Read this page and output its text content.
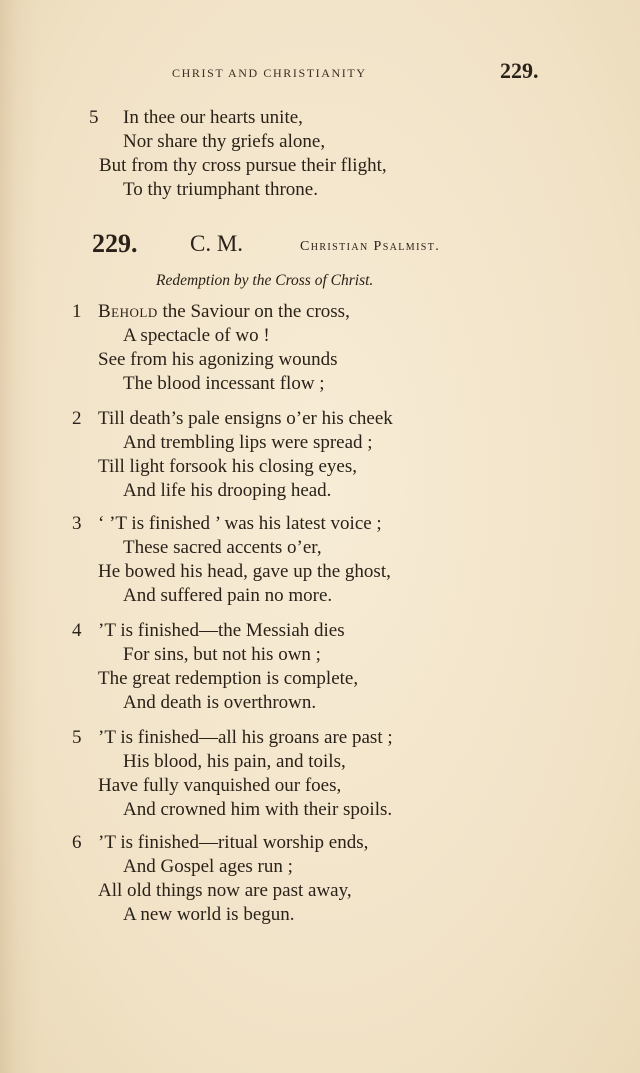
CHRIST AND CHRISTIANITY	229.
5	In thee our hearts unite,
Nor share thy griefs alone,
But from thy cross pursue their flight,
To thy triumphant throne.
229. C. M.	Christian Psalmist.
Redemption by the Cross of Christ.
1 Behold the Saviour on the cross,
A spectacle of wo !
See from his agonizing wounds
The blood incessant flow ;
2 Till death’s pale ensigns o’er his cheek
And trembling lips were spread ;
Till light forsook his closing eyes,
And life his drooping head.
3 ‘ ’T is finished ’ was his latest voice ;
These sacred accents o’er,
He bowed his head, gave up the ghost,
And suffered pain no more.
4 ’T is finished—the Messiah dies
For sins, but not his own ;
The great redemption is complete,
And death is overthrown.
5 ’T is finished—all his groans are past ;
His blood, his pain, and toils,
Have fully vanquished our foes,
And crowned him with their spoils.
6 ’T is finished—ritual worship ends,
And Gospel ages run ;
All old things now are past away,
A new world is begun.
